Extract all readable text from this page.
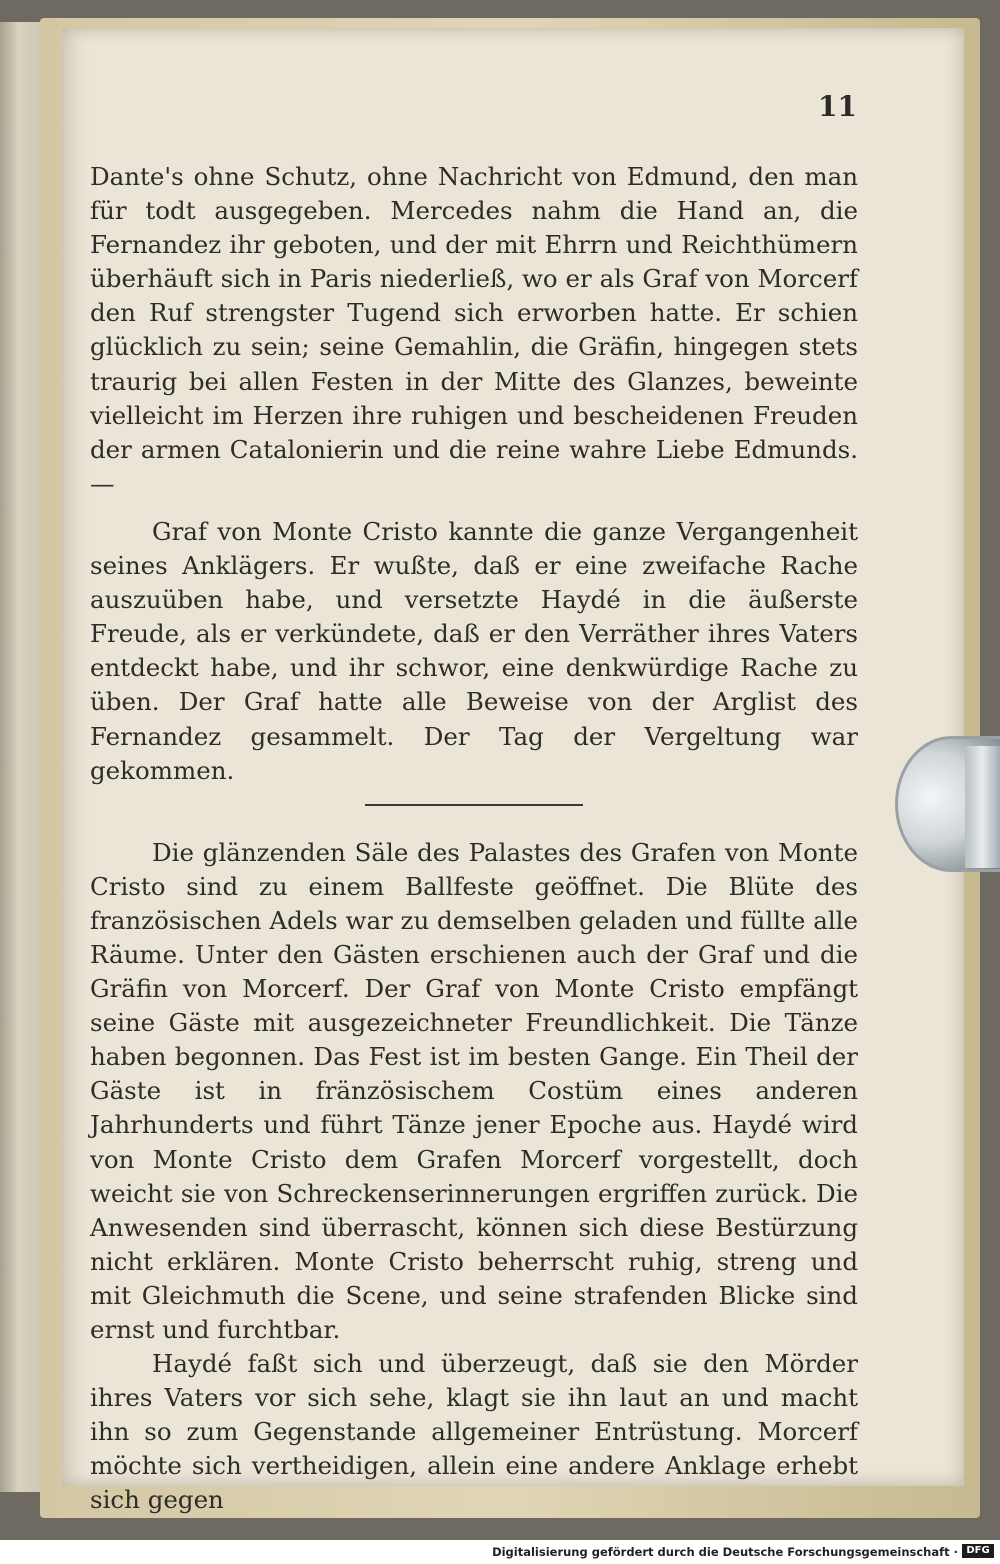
11

Dante's ohne Schutz, ohne Nachricht von Edmund, den man für todt ausgegeben. Mercedes nahm die Hand an, die Fernandez ihr geboten, und der mit Ehrrn und Reichthümern überhäuft sich in Paris niederließ, wo er als Graf von Morcerf den Ruf strengster Tugend sich erworben hatte. Er schien glücklich zu sein; seine Gemahlin, die Gräfin, hingegen stets traurig bei allen Festen in der Mitte des Glanzes, beweinte vielleicht im Herzen ihre ruhigen und bescheidenen Freuden der armen Catalonierin und die reine wahre Liebe Edmunds. —

Graf von Monte Cristo kannte die ganze Vergangenheit seines Anklägers. Er wußte, daß er eine zweifache Rache auszuüben habe, und versetzte Haydé in die äußerste Freude, als er verkündete, daß er den Verräther ihres Vaters entdeckt habe, und ihr schwor, eine denkwürdige Rache zu üben. Der Graf hatte alle Beweise von der Arglist des Fernandez gesammelt. Der Tag der Vergeltung war gekommen.

Die glänzenden Säle des Palastes des Grafen von Monte Cristo sind zu einem Ballfeste geöffnet. Die Blüte des französischen Adels war zu demselben geladen und füllte alle Räume. Unter den Gästen erschienen auch der Graf und die Gräfin von Morcerf. Der Graf von Monte Cristo empfängt seine Gäste mit ausgezeichneter Freundlichkeit. Die Tänze haben begonnen. Das Fest ist im besten Gange. Ein Theil der Gäste ist in fränzösischem Costüm eines anderen Jahrhunderts und führt Tänze jener Epoche aus. Haydé wird von Monte Cristo dem Grafen Morcerf vorgestellt, doch weicht sie von Schreckenserinnerungen ergriffen zurück. Die Anwesenden sind überrascht, können sich diese Bestürzung nicht erklären. Monte Cristo beherrscht ruhig, streng und mit Gleichmuth die Scene, und seine strafenden Blicke sind ernst und furchtbar.

Haydé faßt sich und überzeugt, daß sie den Mörder ihres Vaters vor sich sehe, klagt sie ihn laut an und macht ihn so zum Gegenstande allgemeiner Entrüstung. Morcerf möchte sich vertheidigen, allein eine andere Anklage erhebt sich gegen

Digitalisierung gefördert durch die Deutsche Forschungsgemeinschaft · DFG
